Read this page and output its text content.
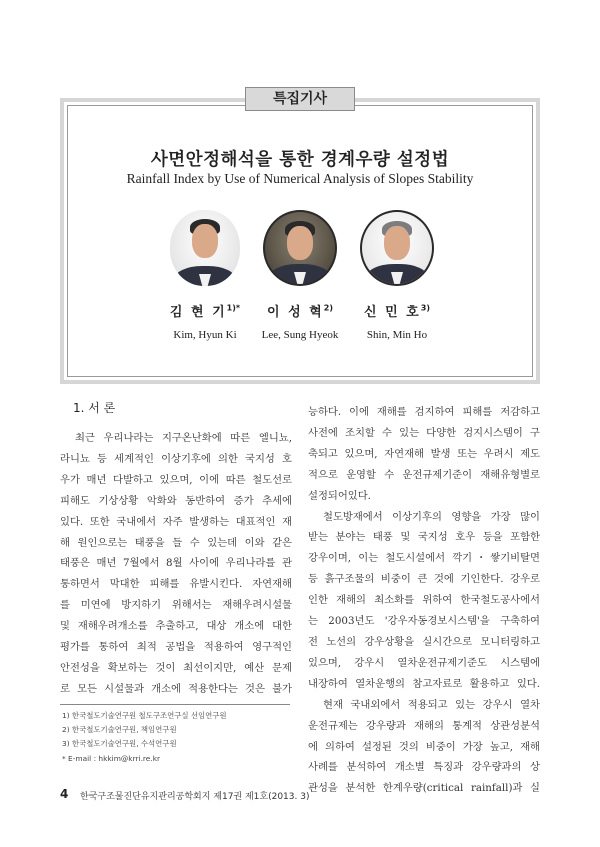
특집기사
사면안정해석을 통한 경계우량 설정법
Rainfall Index by Use of Numerical Analysis of Slopes Stability
김 현 기$^{1)*}$
Kim, Hyun Ki
이 성 혁$^{2)}$
Lee, Sung Hyeok
신 민 호$^{3)}$
Shin, Min Ho
1. 서 론
최근 우리나라는 지구온난화에 따른 엘니뇨,
라니뇨 등 세계적인 이상기후에 의한 국지성 호
우가 매년 다발하고 있으며, 이에 따른 철도선로
피해도 기상상황 악화와 동반하여 증가 추세에
있다. 또한 국내에서 자주 발생하는 대표적인 재
해 원인으로는 태풍을 들 수 있는데 이와 같은
태풍은 매년 7월에서 8월 사이에 우리나라를 관
통하면서 막대한 피해를 유발시킨다. 자연재해
를 미연에 방지하기 위해서는 재해우려시설물
및 재해우려개소를 추출하고, 대상 개소에 대한
평가를 통하여 최적 공법을 적용하여 영구적인
안전성을 확보하는 것이 최선이지만, 예산 문제
로 모든 시설물과 개소에 적용한다는 것은 불가
능하다. 이에 재해를 검지하여 피해를 저감하고
사전에 조치할 수 있는 다양한 검지시스템이 구
축되고 있으며, 자연재해 발생 또는 우려시 제도
적으로 운영할 수 운전규제기준이 재해유형별로
설정되어있다.
철도방재에서 이상기후의 영향을 가장 많이
받는 분야는 태풍 및 국지성 호우 등을 포함한
강우이며, 이는 철도시설에서 깍기・쌓기비탈면
등 흙구조물의 비중이 큰 것에 기인한다. 강우로
인한 재해의 최소화를 위하여 한국철도공사에서
는 2003년도 '강우자동경보시스템'을 구축하여
전 노선의 강우상황을 실시간으로 모니터링하고
있으며, 강우시 열차운전규제기준도 시스템에
내장하여 열차운행의 참고자료로 활용하고 있다.
현재 국내외에서 적용되고 있는 강우시 열차
운전규제는 강우량과 재해의 통계적 상관성분석
에 의하여 설정된 것의 비중이 가장 높고, 재해
사례를 분석하여 개소별 특징과 강우량과의 상
관성을 분석한 한계우량(critical rainfall)과 실
1) 한국철도기술연구원 철도구조연구실 선임연구원
2) 한국철도기술연구원, 책임연구원
3) 한국철도기술연구원, 수석연구원
* E-mail : hkkim@krri.re.kr
4 한국구조물진단유지관리공학회지 제17권 제1호(2013. 3)
